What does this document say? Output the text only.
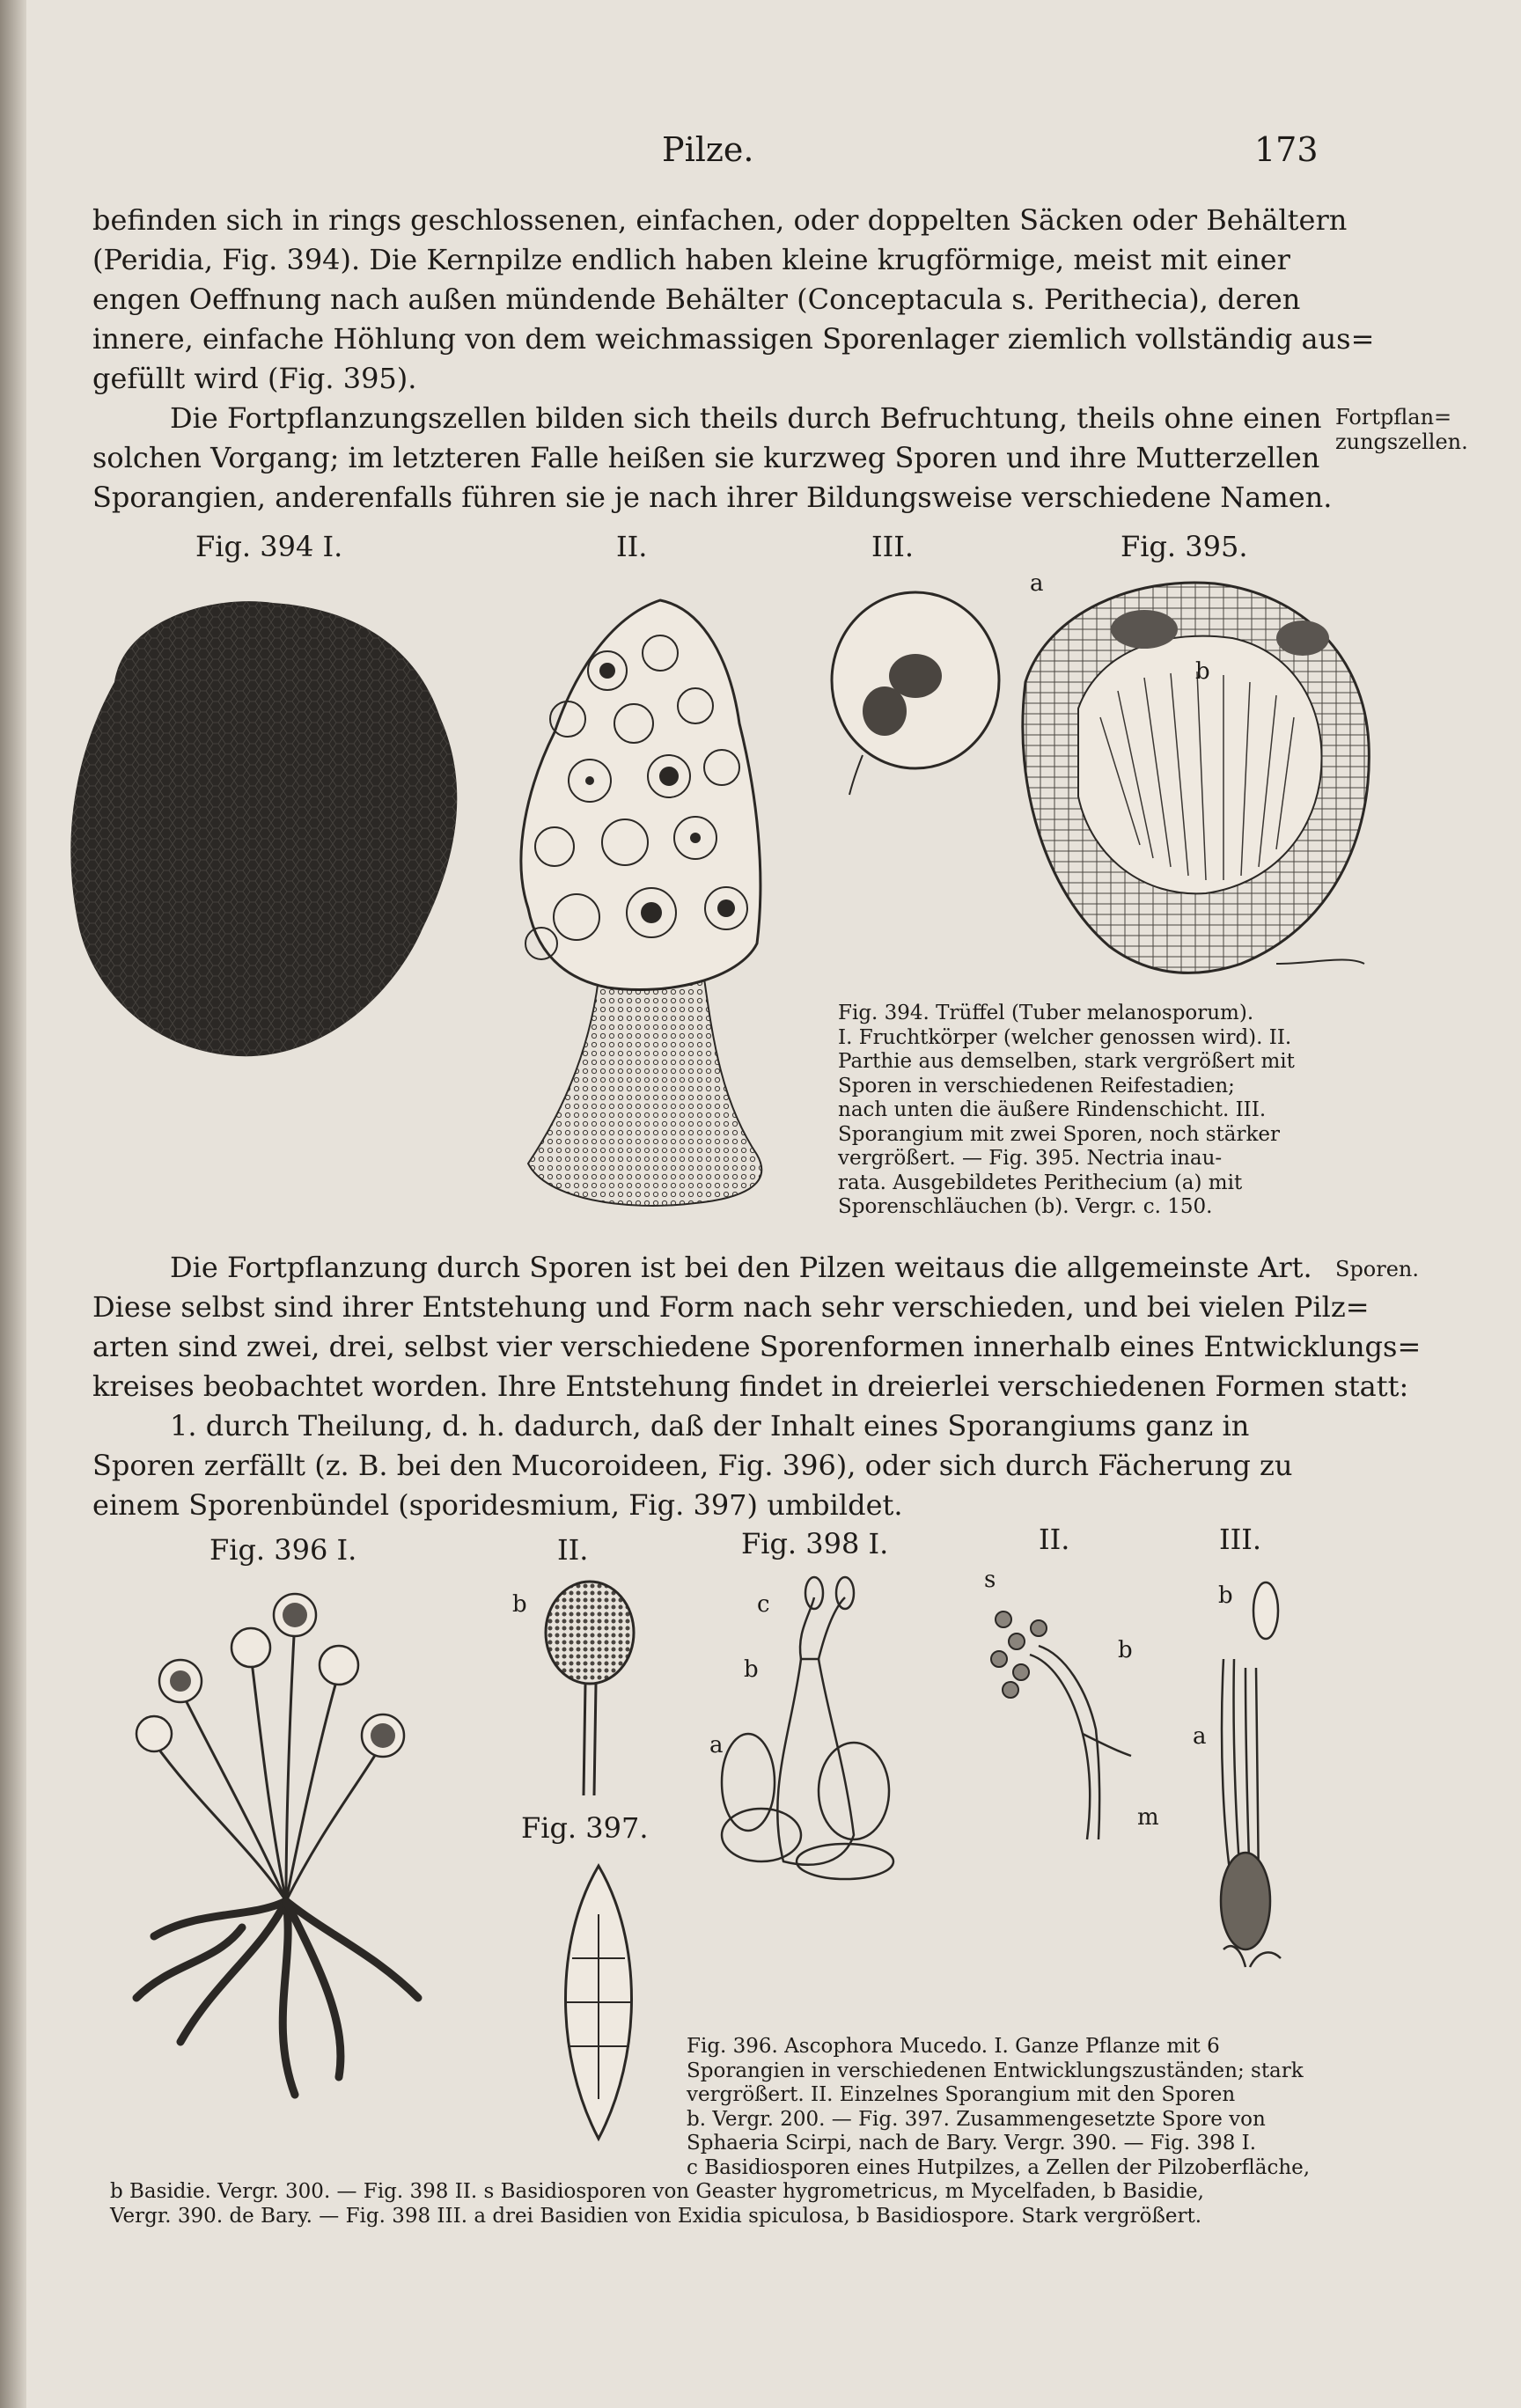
Pilze.	173
befinden sich in rings geschlossenen, einfachen, oder doppelten Säcken oder Behältern
(Peridia, Fig. 394). Die Kernpilze endlich haben kleine krugförmige, meist mit einer
engen Oeffnung nach außen mündende Behälter (Conceptacula s. Perithecia), deren
innere, einfache Höhlung von dem weichmassigen Sporenlager ziemlich vollständig aus=
gefüllt wird (Fig. 395).
Die Fortpflanzungszellen bilden sich theils durch Befruchtung, theils ohne einen
solchen Vorgang; im letzteren Falle heißen sie kurzweg Sporen und ihre Mutterzellen
Sporangien, anderenfalls führen sie je nach ihrer Bildungsweise verschiedene Namen.
Fortpflan=
zungszellen.
Fig. 394 I.	II.	III.	Fig. 395.
a
b
Fig. 394. Trüffel (Tuber melanosporum).
I. Fruchtkörper (welcher genossen wird). II.
Parthie aus demselben, stark vergrößert mit
Sporen in verschiedenen Reifestadien;
nach unten die äußere Rindenschicht. III.
Sporangium mit zwei Sporen, noch stärker
vergrößert. — Fig. 395. Nectria inau-
rata. Ausgebildetes Perithecium (a) mit
Sporenschläuchen (b). Vergr. c. 150.
Die Fortpflanzung durch Sporen ist bei den Pilzen weitaus die allgemeinste Art.
Diese selbst sind ihrer Entstehung und Form nach sehr verschieden, und bei vielen Pilz=
arten sind zwei, drei, selbst vier verschiedene Sporenformen innerhalb eines Entwicklungs=
kreises beobachtet worden. Ihre Entstehung findet in dreierlei verschiedenen Formen statt:
1. durch Theilung, d. h. dadurch, daß der Inhalt eines Sporangiums ganz in
Sporen zerfällt (z. B. bei den Mucoroideen, Fig. 396), oder sich durch Fächerung zu
einem Sporenbündel (sporidesmium, Fig. 397) umbildet.
Sporen.
Fig. 396 I.	II.	Fig. 398 I.	II.	III.
Fig. 397.
b	c
b
a
s
b
m
b
a
Fig. 396. Ascophora Mucedo. I. Ganze Pflanze mit 6
Sporangien in verschiedenen Entwicklungszuständen; stark
vergrößert. II. Einzelnes Sporangium mit den Sporen
b. Vergr. 200. — Fig. 397. Zusammengesetzte Spore von
Sphaeria Scirpi, nach de Bary. Vergr. 390. — Fig. 398 I.
c Basidiosporen eines Hutpilzes, a Zellen der Pilzoberfläche,
b Basidie. Vergr. 300. — Fig. 398 II. s Basidiosporen von Geaster hygrometricus, m Mycelfaden, b Basidie,
Vergr. 390. de Bary. — Fig. 398 III. a drei Basidien von Exidia spiculosa, b Basidiospore. Stark vergrößert.
